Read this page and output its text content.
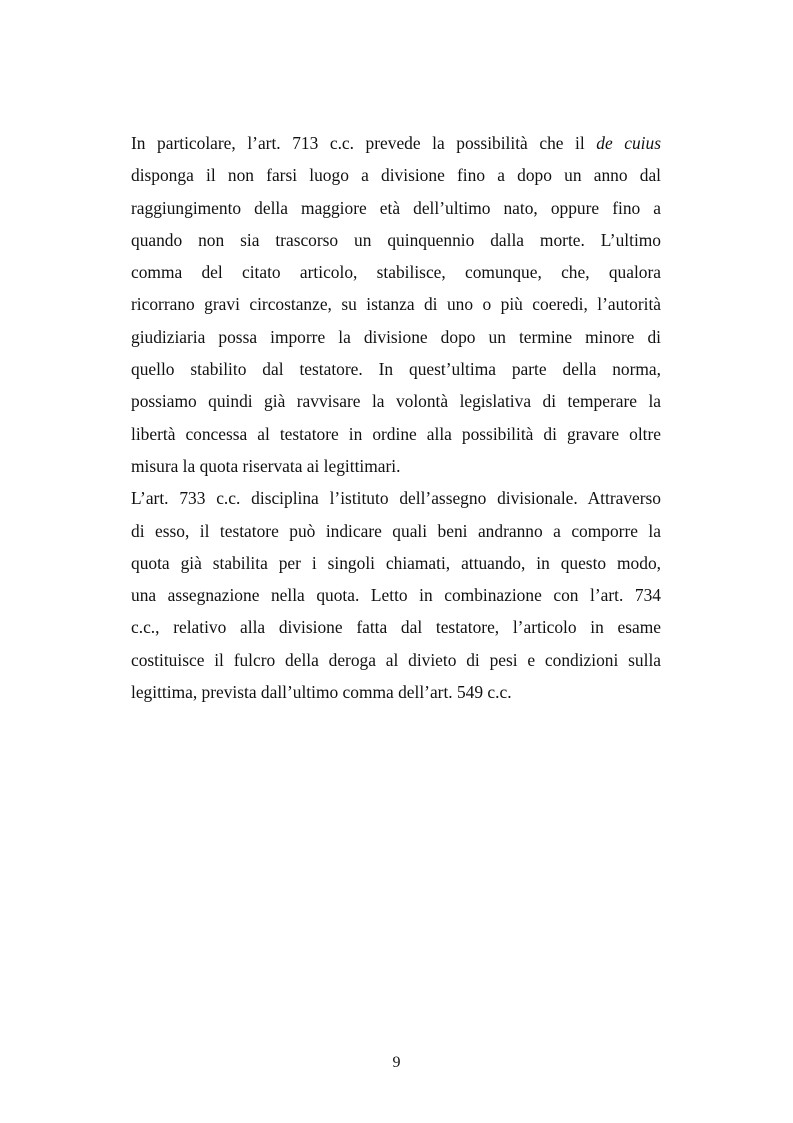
In particolare, l’art. 713 c.c. prevede la possibilità che il de cuius
disponga il non farsi luogo a divisione fino a dopo un anno dal
raggiungimento della maggiore età dell’ultimo nato, oppure fino a
quando non sia trascorso un quinquennio dalla morte. L’ultimo
comma del citato articolo, stabilisce, comunque, che, qualora
ricorrano gravi circostanze, su istanza di uno o più coeredi, l’autorità
giudiziaria possa imporre la divisione dopo un termine minore di
quello stabilito dal testatore. In quest’ultima parte della norma,
possiamo quindi già ravvisare la volontà legislativa di temperare la
libertà concessa al testatore in ordine alla possibilità di gravare oltre
misura la quota riservata ai legittimari.
L’art. 733 c.c. disciplina l’istituto dell’assegno divisionale. Attraverso
di esso, il testatore può indicare quali beni andranno a comporre la
quota già stabilita per i singoli chiamati, attuando, in questo modo,
una assegnazione nella quota. Letto in combinazione con l’art. 734
c.c., relativo alla divisione fatta dal testatore, l’articolo in esame
costituisce il fulcro della deroga al divieto di pesi e condizioni sulla
legittima, prevista dall’ultimo comma dell’art. 549 c.c.
9
